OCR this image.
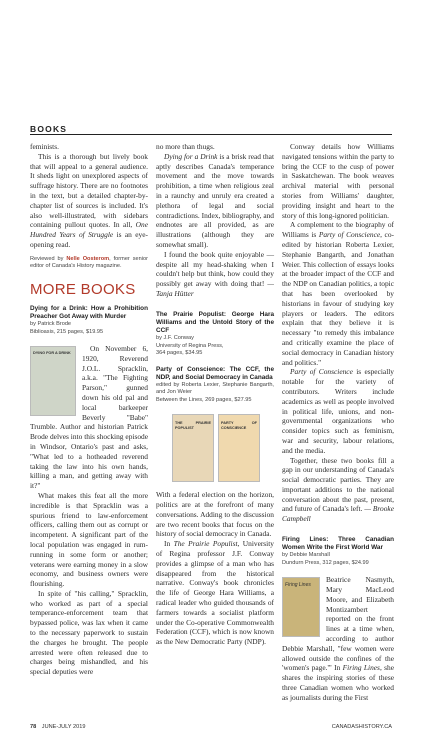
BOOKS

feminists.

This is a thorough but lively book that will appeal to a general audience. It sheds light on unexplored aspects of suffrage history. There are no footnotes in the text, but a detailed chapter-by-chapter list of sources is included. It's also well-illustrated, with sidebars containing pullout quotes. In all, One Hundred Years of Struggle is an eye-opening read.

Reviewed by Nelle Oosterom, former senior editor of Canada's History magazine.
MORE BOOKS
Dying for a Drink: How a Prohibition Preacher Got Away with Murder
by Patrick Brode
Biblioasis, 215 pages, $19.95
DYING FOR A DRINK	On November 6, 1920, Reverend J.O.L. Spracklin, a.k.a. "The Fighting Parson," gunned down his old pal and local barkeeper Beverly "Babe" Trumble. Author and historian Patrick Brode delves into this shocking episode in Windsor, Ontario's past and asks, "What led to a hotheaded reverend taking the law into his own hands, killing a man, and getting away with it?"

What makes this feat all the more incredible is that Spracklin was a spurious friend to law-enforcement officers, calling them out as corrupt or incompetent. A significant part of the local population was engaged in rum-running in some form or another; veterans were earning money in a slow economy, and business owners were flourishing.

In spite of "his calling," Spracklin, who worked as part of a special temperance-enforcement team that bypassed police, was lax when it came to the necessary paperwork to sustain the charges he brought. The people arrested were often released due to charges being mishandled, and his special deputies were

no more than thugs.

Dying for a Drink is a brisk read that aptly describes Canada's temperance movement and the move towards prohibition, a time when religious zeal in a raunchy and unruly era created a plethora of legal and social contradictions. Index, bibliography, and endnotes are all provided, as are illustrations (although they are somewhat small).

I found the book quite enjoyable — despite all my head-shaking when I couldn't help but think, how could they possibly get away with doing that! — Tanja Hütter

The Prairie Populist: George Hara Williams and the Untold Story of the CCF
by J.F. Conway
University of Regina Press,
364 pages, $34.95
Party of Conscience: The CCF, the NDP, and Social Democracy in Canada
edited by Roberta Lexier, Stephanie Bangarth, and Jon Weier
Between the Lines, 269 pages, $27.95
THE PRAIRIE POPULIST
PARTY OF CONSCIENCE

With a federal election on the horizon, politics are at the forefront of many conversations. Adding to the discussion are two recent books that focus on the history of social democracy in Canada.

In The Prairie Populist, University of Regina professor J.F. Conway provides a glimpse of a man who has disappeared from the historical narrative. Conway's book chronicles the life of George Hara Williams, a radical leader who guided thousands of farmers towards a socialist platform under the Co-operative Commonwealth Federation (CCF), which is now known as the New Democratic Party (NDP).

Conway details how Williams navigated tensions within the party to bring the CCF to the cusp of power in Saskatchewan. The book weaves archival material with personal stories from Williams' daughter, providing insight and heart to the story of this long-ignored politician.

A complement to the biography of Williams is Party of Conscience, co-edited by historian Roberta Lexier, Stephanie Bangarth, and Jonathan Weier. This collection of essays looks at the broader impact of the CCF and the NDP on Canadian politics, a topic that has been overlooked by historians in favour of studying key players or leaders. The editors explain that they believe it is necessary "to remedy this imbalance and critically examine the place of social democracy in Canadian history and politics."

Party of Conscience is especially notable for the variety of contributors. Writers include academics as well as people involved in political life, unions, and non-governmental organizations who consider topics such as feminism, war and security, labour relations, and the media.

Together, these two books fill a gap in our understanding of Canada's social democratic parties. They are important additions to the national conversation about the past, present, and future of Canada's left. — Brooke Campbell

Firing Lines: Three Canadian Women Write the First World War
by Debbie Marshall
Dundurn Press, 312 pages, $24.99
Firing Lines

Beatrice Nasmyth, Mary MacLeod Moore, and Elizabeth Montizambert reported on the front lines at a time when, according to author Debbie Marshall, "few women were allowed outside the confines of the 'women's page.'" In Firing Lines, she shares the inspiring stories of these three Canadian women who worked as journalists during the First

78 JUNE-JULY 2019	CANADASHISTORY.CA
